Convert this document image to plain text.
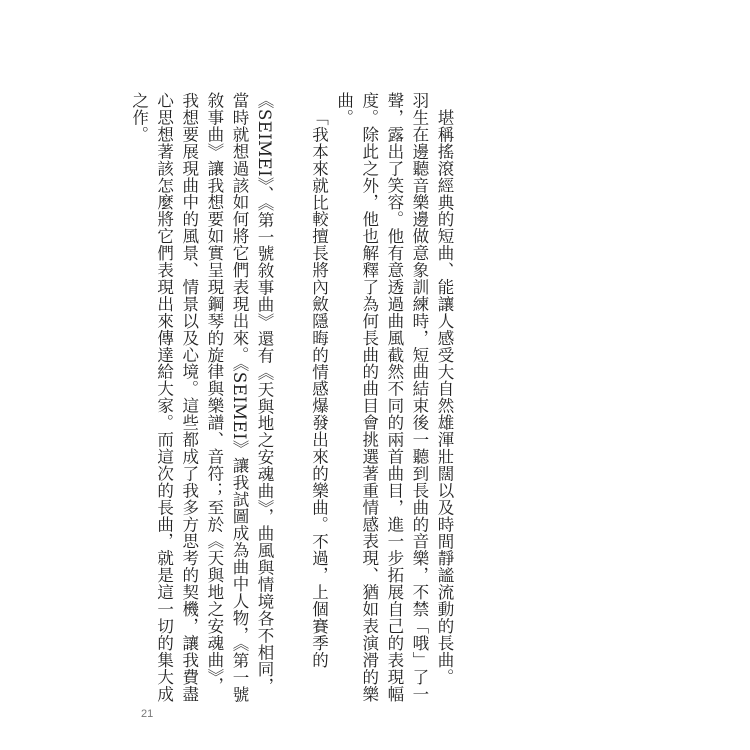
堪稱搖滾經典的短曲、能讓人感受大自然雄渾壯闊以及時間靜謐流動的長曲。
羽生在邊聽音樂邊做意象訓練時，短曲結束後一聽到長曲的音樂，不禁「哦」了一
聲，露出了笑容。他有意透過曲風截然不同的兩首曲目，進一步拓展自己的表現幅
度。除此之外，他也解釋了為何長曲的曲目會挑選著重情感表現、猶如表演滑的樂
曲。
「我本來就比較擅長將內斂隱晦的情感爆發出來的樂曲。不過，上個賽季的
《SEIMEI》、《第一號敘事曲》還有《天與地之安魂曲》，曲風與情境各不相同，
當時就想過該如何將它們表現出來。《SEIMEI》讓我試圖成為曲中人物，《第一號
敘事曲》讓我想要如實呈現鋼琴的旋律與樂譜、音符；至於《天與地之安魂曲》，
我想要展現曲中的風景、情景以及心境。這些都成了我多方思考的契機，讓我費盡
心思想著該怎麼將它們表現出來傳達給大家。而這次的長曲，就是這一切的集大成
之作。
21
